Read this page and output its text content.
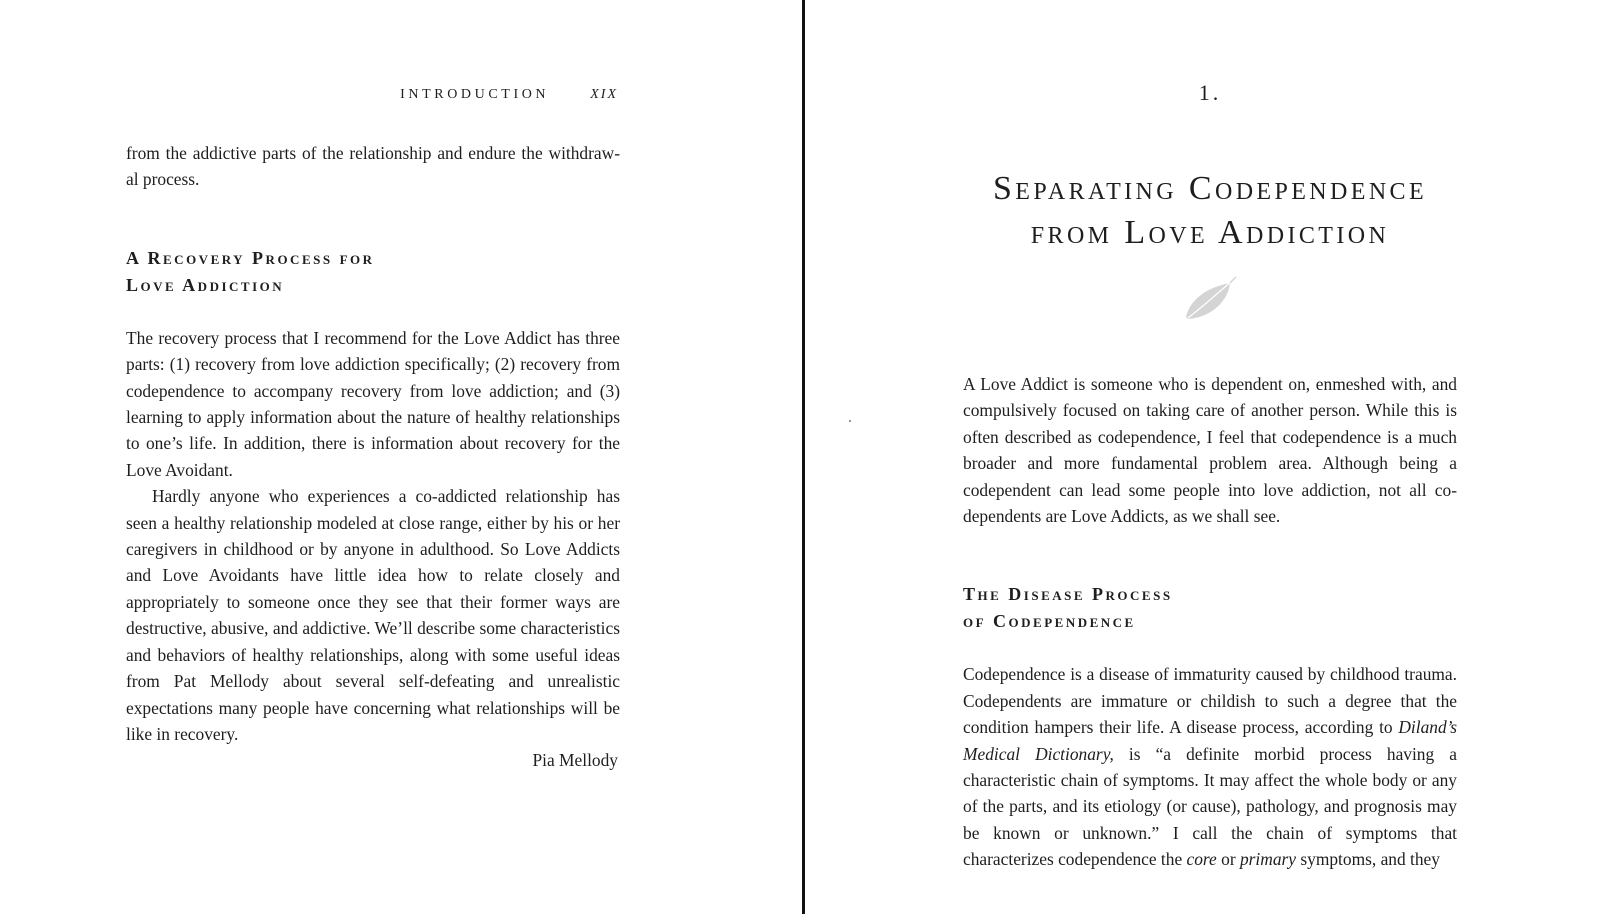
INTRODUCTION	XIX

from the addictive parts of the relationship and endure the withdraw-
al process.

A Recovery Process for
Love Addiction

The recovery process that I recommend for the Love Addict has three parts: (1) recovery from love addiction specifically; (2) recovery from codependence to accompany recovery from love addiction; and (3) learning to apply information about the nature of healthy relationships to one’s life. In addition, there is information about recovery for the Love Avoidant.

Hardly anyone who experiences a co-addicted relationship has seen a healthy relationship modeled at close range, either by his or her caregivers in childhood or by anyone in adulthood. So Love Addicts and Love Avoidants have little idea how to relate closely and appropriately to someone once they see that their former ways are destructive, abusive, and addictive. We’ll describe some characteristics and behaviors of healthy relationships, along with some useful ideas from Pat Mellody about several self-defeating and unrealistic expectations many people have concerning what relationships will be like in recovery.

Pia Mellody

1.
Separating Codependence
from Love Addiction

A Love Addict is someone who is dependent on, enmeshed with, and compulsively focused on taking care of another person. While this is often described as codependence, I feel that codependence is a much broader and more fundamental problem area. Although being a codependent can lead some people into love addiction, not all codependents are Love Addicts, as we shall see.

The Disease Process
of Codependence

Codependence is a disease of immaturity caused by childhood trauma. Codependents are immature or childish to such a degree that the condition hampers their life. A disease process, according to Diland’s Medical Dictionary, is “a definite morbid process having a characteristic chain of symptoms. It may affect the whole body or any of the parts, and its etiology (or cause), pathology, and prognosis may be known or unknown.” I call the chain of symptoms that characterizes codependence the core or primary symptoms, and they
